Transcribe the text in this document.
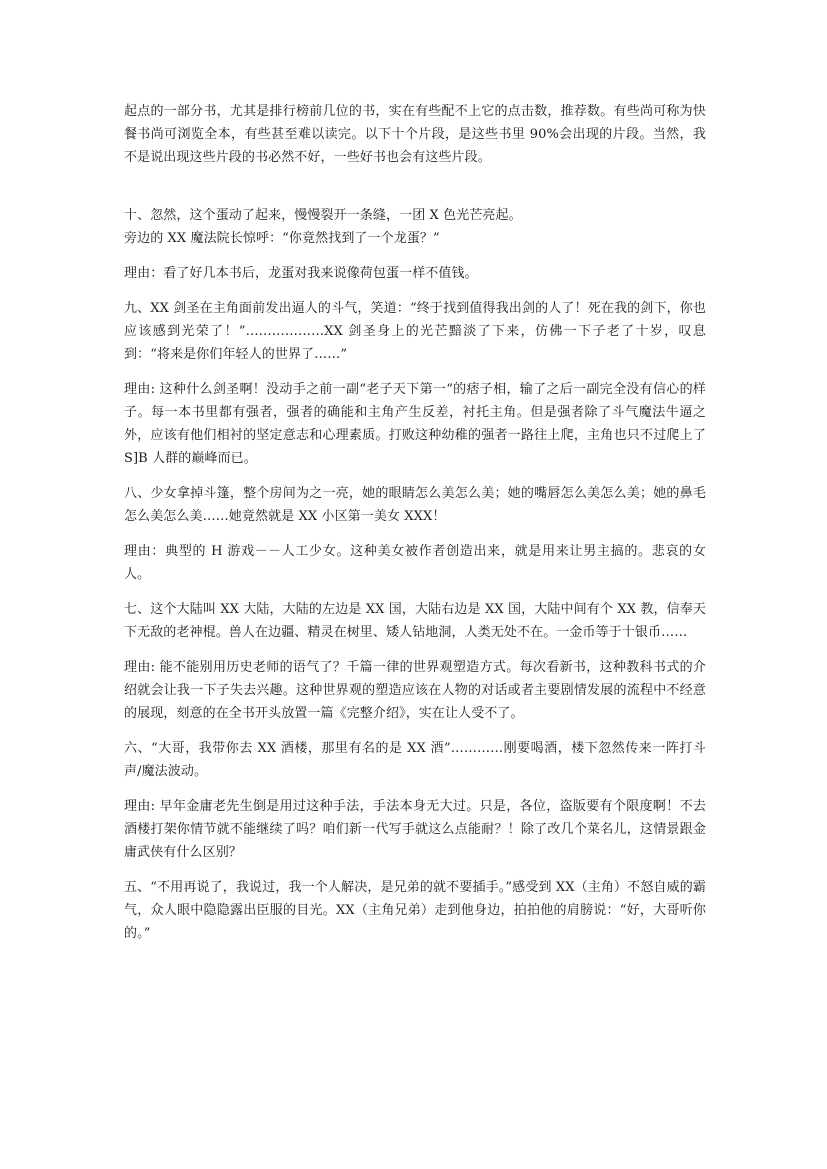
起点的一部分书，尤其是排行榜前几位的书，实在有些配不上它的点击数，推荐数。有些尚可称为快餐书尚可浏览全本，有些甚至难以读完。以下十个片段，是这些书里 90%会出现的片段。当然，我不是说出现这些片段的书必然不好，一些好书也会有这些片段。

十、忽然，这个蛋动了起来，慢慢裂开一条缝，一团 X 色光芒亮起。
旁边的 XX 魔法院长惊呼：“你竟然找到了一个龙蛋？”

理由：看了好几本书后，龙蛋对我来说像荷包蛋一样不值钱。

九、XX 剑圣在主角面前发出逼人的斗气，笑道：“终于找到值得我出剑的人了！死在我的剑下，你也应该感到光荣了！”………………XX 剑圣身上的光芒黯淡了下来，仿佛一下子老了十岁，叹息到：“将来是你们年轻人的世界了……”

理由: 这种什么剑圣啊！没动手之前一副“老子天下第一“的痞子相，输了之后一副完全没有信心的样子。每一本书里都有强者，强者的确能和主角产生反差，衬托主角。但是强者除了斗气魔法牛逼之外，应该有他们相衬的坚定意志和心理素质。打败这种幼稚的强者一路往上爬，主角也只不过爬上了 S]B 人群的巅峰而已。

八、少女拿掉斗篷，整个房间为之一亮，她的眼睛怎么美怎么美；她的嘴唇怎么美怎么美；她的鼻毛怎么美怎么美……她竟然就是 XX 小区第一美女 XXX！

理由：典型的 H 游戏－－人工少女。这种美女被作者创造出来，就是用来让男主搞的。悲哀的女人。

七、这个大陆叫 XX 大陆，大陆的左边是 XX 国，大陆右边是 XX 国，大陆中间有个 XX 教，信奉天下无敌的老神棍。兽人在边疆、精灵在树里、矮人钻地洞，人类无处不在。一金币等于十银币……

理由: 能不能别用历史老师的语气了？千篇一律的世界观塑造方式。每次看新书，这种教科书式的介绍就会让我一下子失去兴趣。这种世界观的塑造应该在人物的对话或者主要剧情发展的流程中不经意的展现，刻意的在全书开头放置一篇《完整介绍》，实在让人受不了。

六、“大哥，我带你去 XX 酒楼，那里有名的是 XX 酒”…………刚要喝酒，楼下忽然传来一阵打斗声/魔法波动。

理由: 早年金庸老先生倒是用过这种手法，手法本身无大过。只是，各位，盗版要有个限度啊！不去酒楼打架你情节就不能继续了吗？咱们新一代写手就这么点能耐？！除了改几个菜名儿，这情景跟金庸武侠有什么区别？

五、“不用再说了，我说过，我一个人解决，是兄弟的就不要插手。”感受到 XX（主角）不怒自威的霸气，众人眼中隐隐露出臣服的目光。XX（主角兄弟）走到他身边，拍拍他的肩膀说：“好，大哥听你的。”
